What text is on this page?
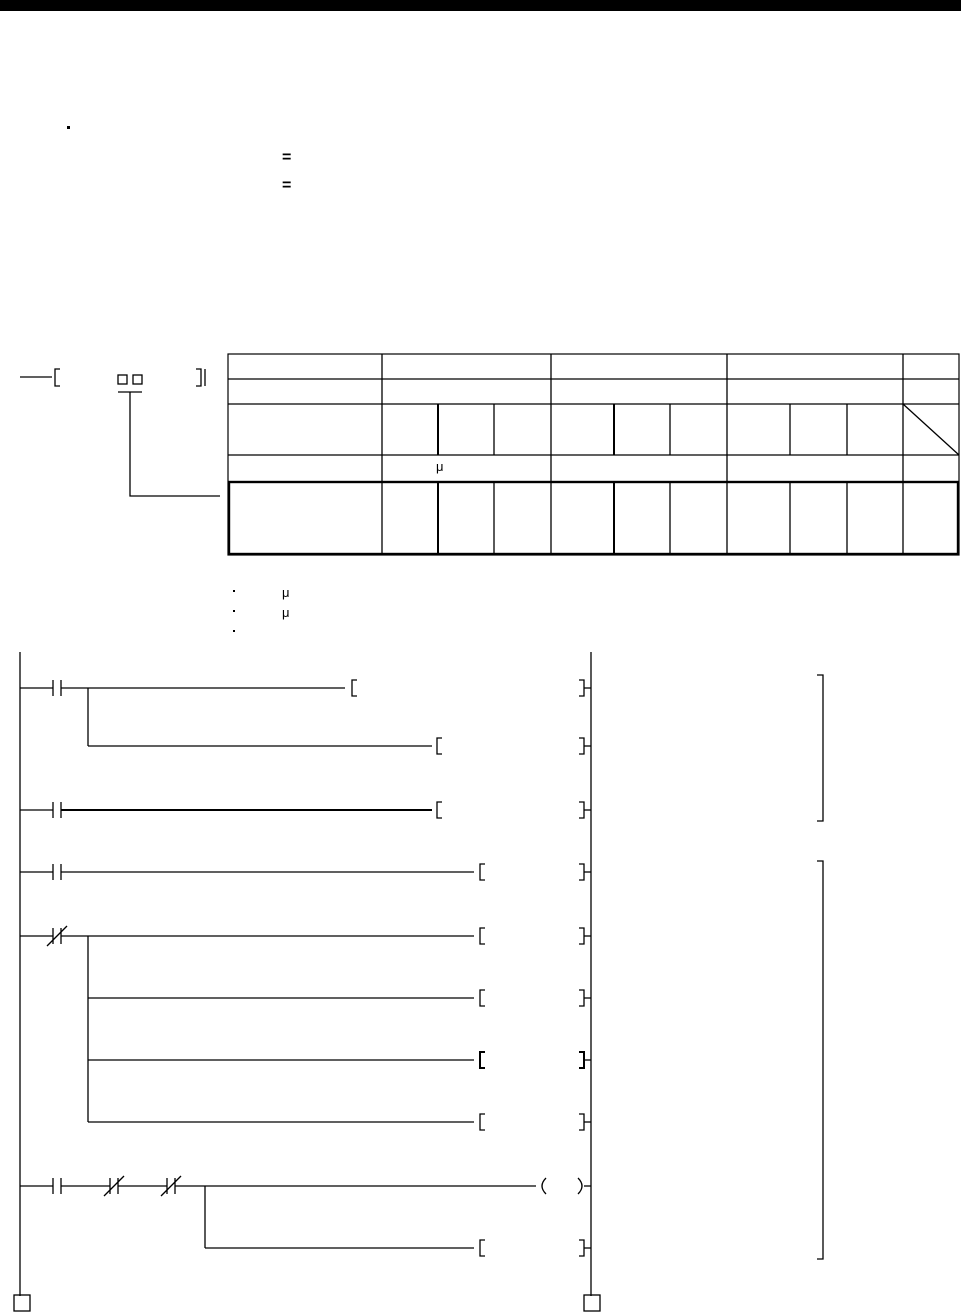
=
=
μ
μ
μ
